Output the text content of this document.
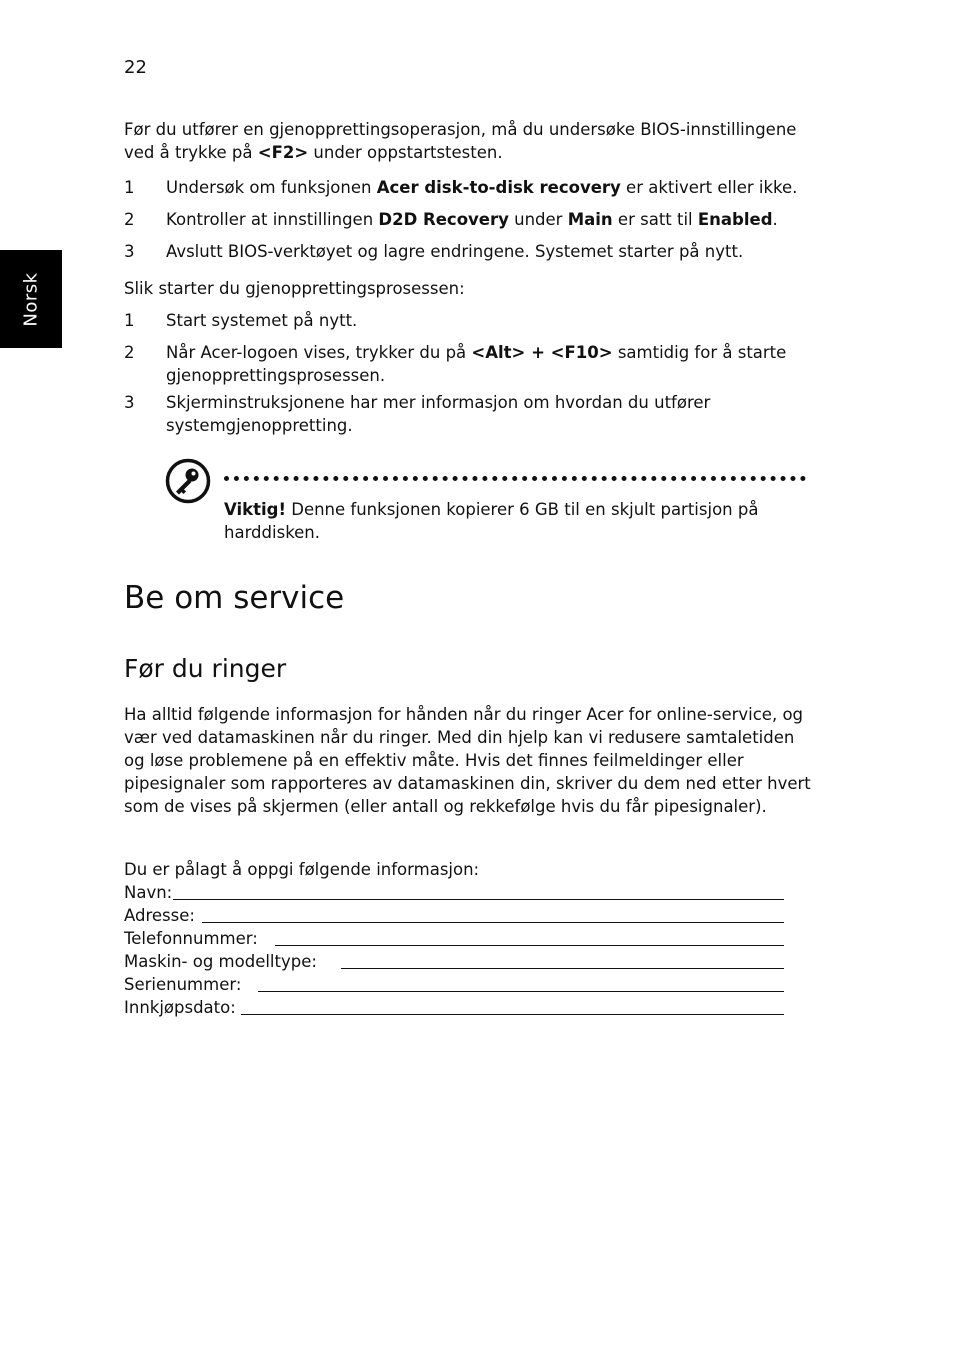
22
Norsk

Før du utfører en gjenopprettingsoperasjon, må du undersøke BIOS-innstillingene ved å trykke på <F2> under oppstartstesten.

1 Undersøk om funksjonen Acer disk-to-disk recovery er aktivert eller ikke.
2 Kontroller at innstillingen D2D Recovery under Main er satt til Enabled.
3 Avslutt BIOS-verktøyet og lagre endringene. Systemet starter på nytt.

Slik starter du gjenopprettingsprosessen:

1 Start systemet på nytt.
2 Når Acer-logoen vises, trykker du på <Alt> + <F10> samtidig for å starte gjenopprettingsprosessen.
3 Skjerminstruksjonene har mer informasjon om hvordan du utfører systemgjenoppretting.

Viktig! Denne funksjonen kopierer 6 GB til en skjult partisjon på harddisken.

Be om service
Før du ringer

Ha alltid følgende informasjon for hånden når du ringer Acer for online-service, og vær ved datamaskinen når du ringer. Med din hjelp kan vi redusere samtaletiden og løse problemene på en effektiv måte. Hvis det finnes feilmeldinger eller pipesignaler som rapporteres av datamaskinen din, skriver du dem ned etter hvert som de vises på skjermen (eller antall og rekkefølge hvis du får pipesignaler).

Du er pålagt å oppgi følgende informasjon:
Navn:
Adresse:
Telefonnummer:
Maskin- og modelltype:
Serienummer:
Innkjøpsdato:
